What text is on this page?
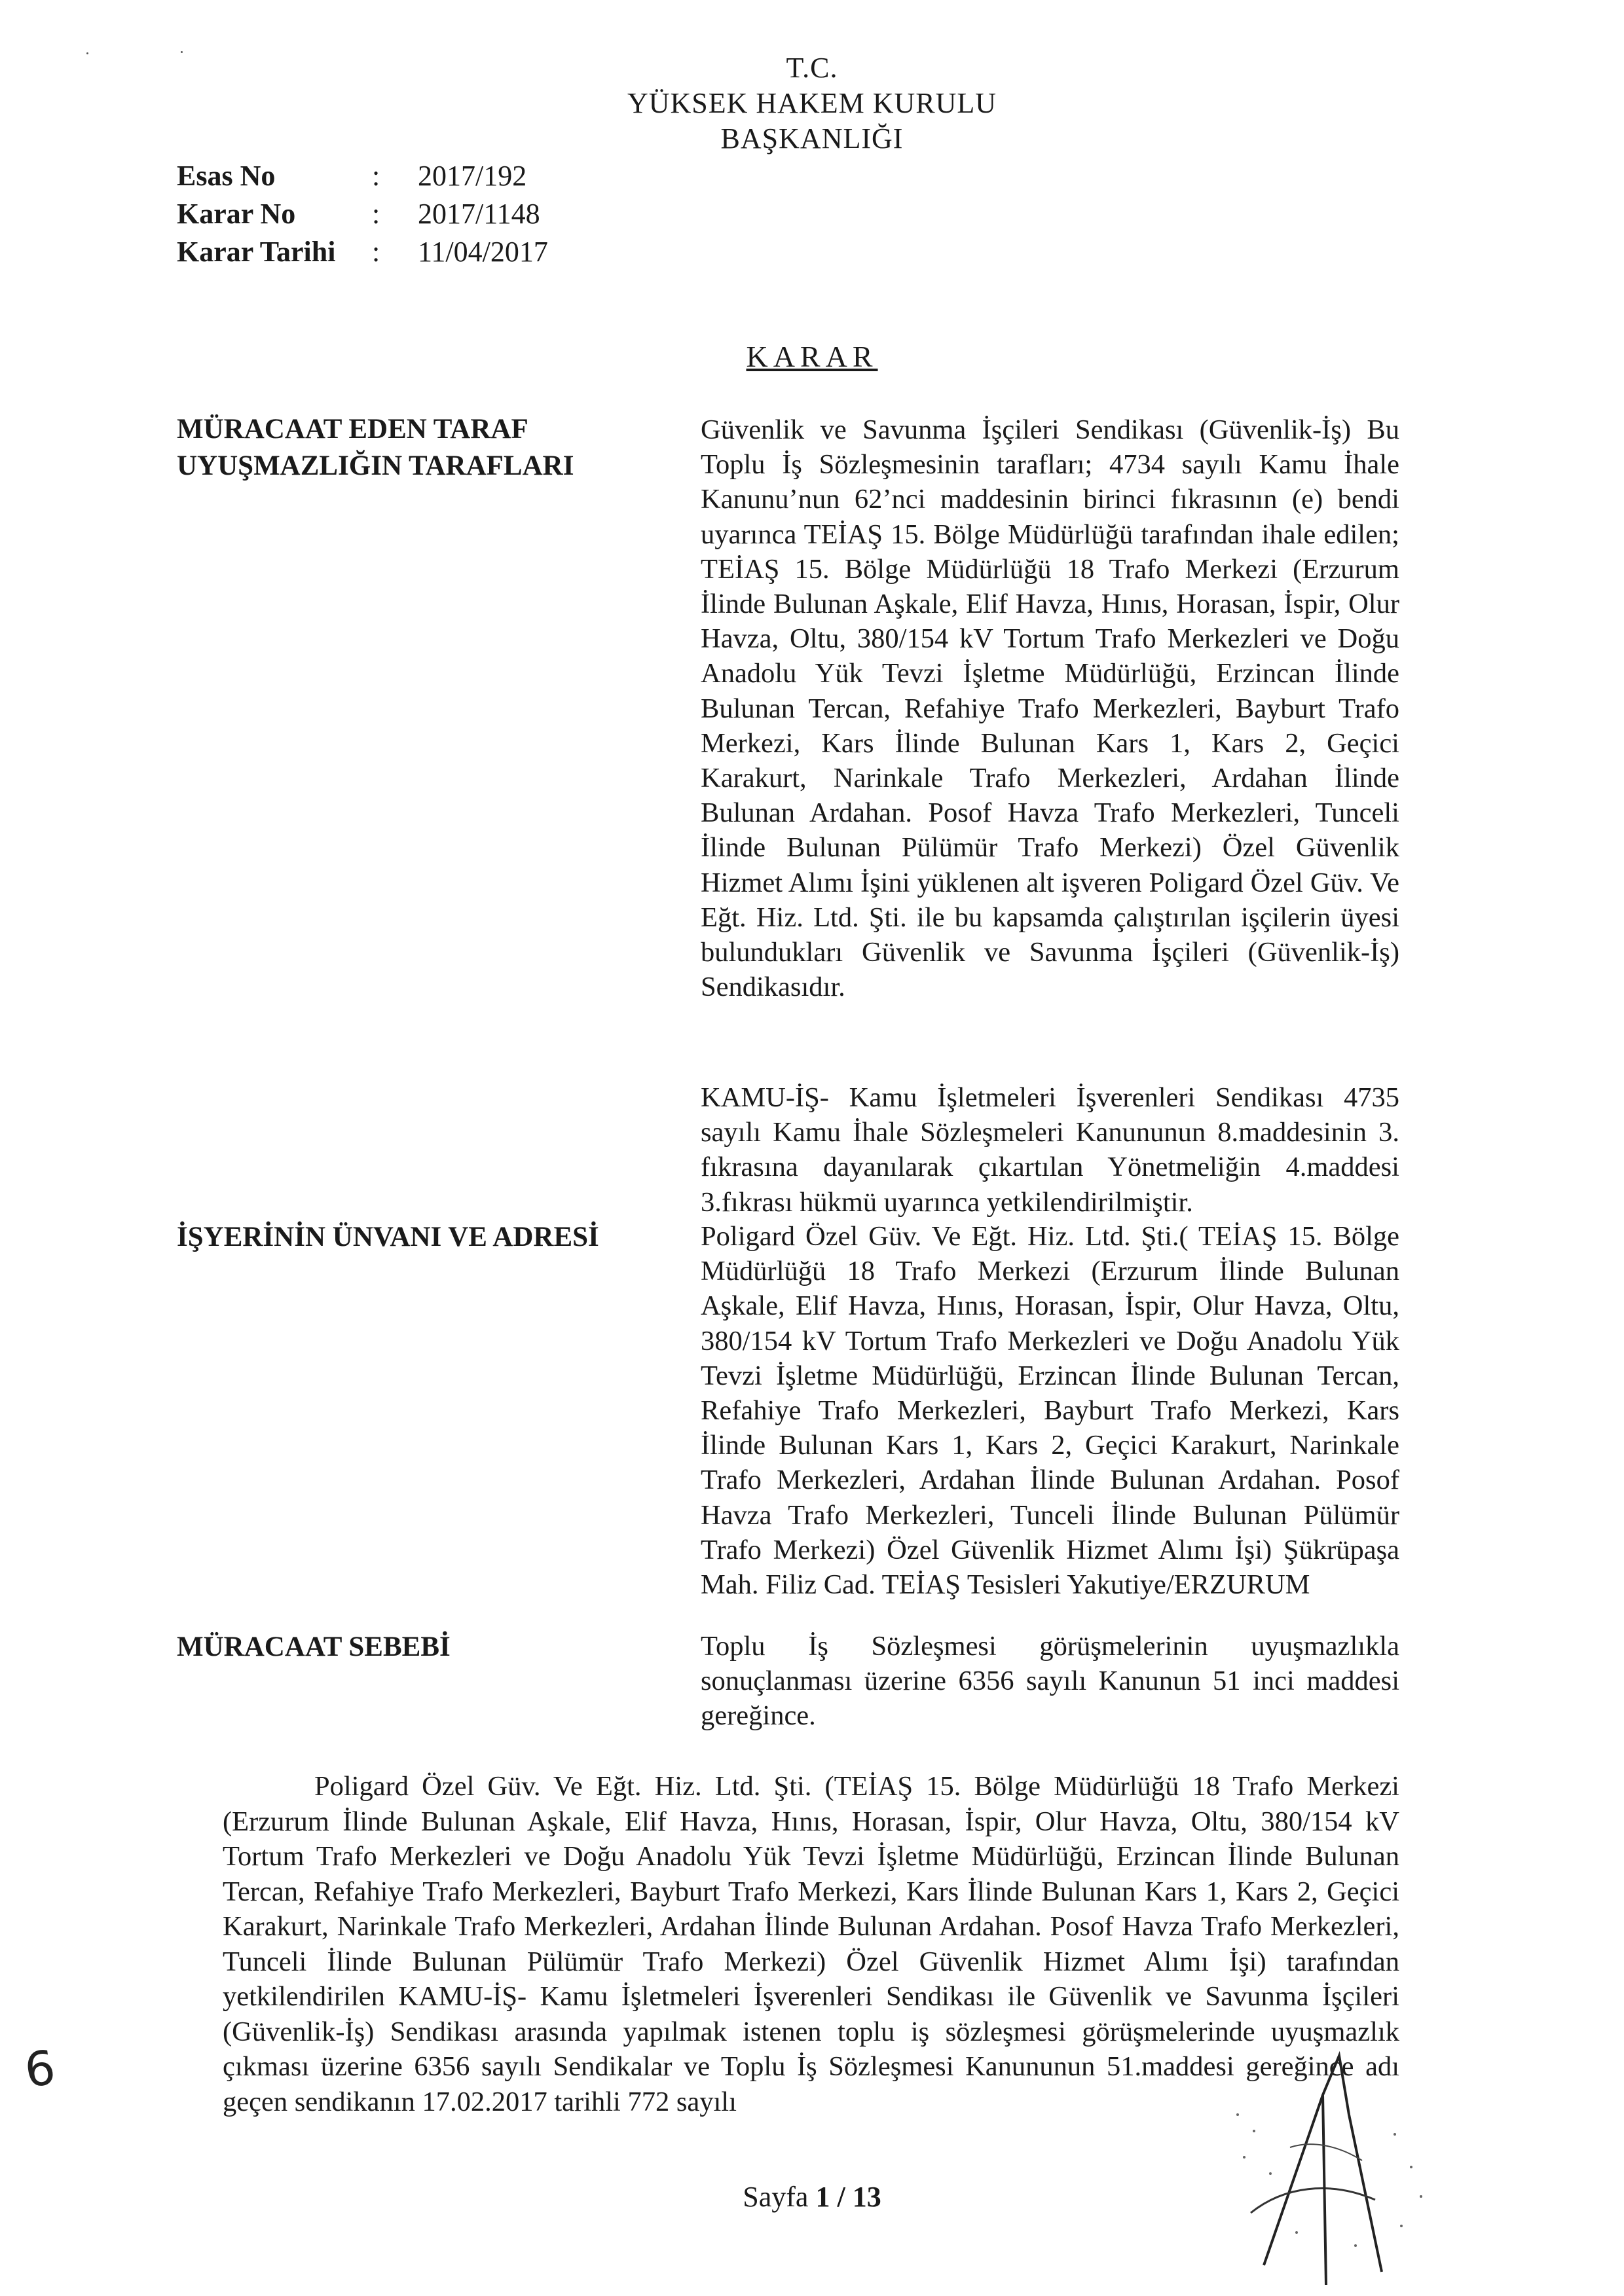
T.C.
YÜKSEK HAKEM KURULU
BAŞKANLIĞI
Esas No	: 2017/192
Karar No	: 2017/1148
Karar Tarihi : 11/04/2017
KARAR
MÜRACAAT EDEN TARAF
UYUŞMAZLIĞIN TARAFLARI
İŞYERİNİN ÜNVANI VE ADRESİ
MÜRACAAT SEBEBİ
Güvenlik ve Savunma İşçileri Sendikası (Güvenlik-İş) Bu Toplu İş Sözleşmesinin tarafları; 4734 sayılı Kamu İhale Kanunu’nun 62’nci maddesinin birinci fıkrasının (e) bendi uyarınca TEİAŞ 15. Bölge Müdürlüğü tarafından ihale edilen; TEİAŞ 15. Bölge Müdürlüğü 18 Trafo Merkezi (Erzurum İlinde Bulunan Aşkale, Elif Havza, Hınıs, Horasan, İspir, Olur Havza, Oltu, 380/154 kV Tortum Trafo Merkezleri ve Doğu Anadolu Yük Tevzi İşletme Müdürlüğü, Erzincan İlinde Bulunan Tercan, Refahiye Trafo Merkezleri, Bayburt Trafo Merkezi, Kars İlinde Bulunan Kars 1, Kars 2, Geçici Karakurt, Narinkale Trafo Merkezleri, Ardahan İlinde Bulunan Ardahan. Posof Havza Trafo Merkezleri, Tunceli İlinde Bulunan Pülümür Trafo Merkezi) Özel Güvenlik Hizmet Alımı İşini yüklenen alt işveren Poligard Özel Güv. Ve Eğt. Hiz. Ltd. Şti. ile bu kapsamda çalıştırılan işçilerin üyesi bulundukları Güvenlik ve Savunma İşçileri (Güvenlik-İş) Sendikasıdır.
KAMU-İŞ- Kamu İşletmeleri İşverenleri Sendikası 4735 sayılı Kamu İhale Sözleşmeleri Kanununun 8.maddesinin 3. fıkrasına dayanılarak çıkartılan Yönetmeliğin 4.maddesi 3.fıkrası hükmü uyarınca yetkilendirilmiştir.
Poligard Özel Güv. Ve Eğt. Hiz. Ltd. Şti.( TEİAŞ 15. Bölge Müdürlüğü 18 Trafo Merkezi (Erzurum İlinde Bulunan Aşkale, Elif Havza, Hınıs, Horasan, İspir, Olur Havza, Oltu, 380/154 kV Tortum Trafo Merkezleri ve Doğu Anadolu Yük Tevzi İşletme Müdürlüğü, Erzincan İlinde Bulunan Tercan, Refahiye Trafo Merkezleri, Bayburt Trafo Merkezi, Kars İlinde Bulunan Kars 1, Kars 2, Geçici Karakurt, Narinkale Trafo Merkezleri, Ardahan İlinde Bulunan Ardahan. Posof Havza Trafo Merkezleri, Tunceli İlinde Bulunan Pülümür Trafo Merkezi) Özel Güvenlik Hizmet Alımı İşi) Şükrüpaşa Mah. Filiz Cad. TEİAŞ Tesisleri Yakutiye/ERZURUM
Toplu İş Sözleşmesi görüşmelerinin uyuşmazlıkla sonuçlanması üzerine 6356 sayılı Kanunun 51 inci maddesi gereğince.
Poligard Özel Güv. Ve Eğt. Hiz. Ltd. Şti. (TEİAŞ 15. Bölge Müdürlüğü 18 Trafo Merkezi (Erzurum İlinde Bulunan Aşkale, Elif Havza, Hınıs, Horasan, İspir, Olur Havza, Oltu, 380/154 kV Tortum Trafo Merkezleri ve Doğu Anadolu Yük Tevzi İşletme Müdürlüğü, Erzincan İlinde Bulunan Tercan, Refahiye Trafo Merkezleri, Bayburt Trafo Merkezi, Kars İlinde Bulunan Kars 1, Kars 2, Geçici Karakurt, Narinkale Trafo Merkezleri, Ardahan İlinde Bulunan Ardahan. Posof Havza Trafo Merkezleri, Tunceli İlinde Bulunan Pülümür Trafo Merkezi) Özel Güvenlik Hizmet Alımı İşi) tarafından yetkilendirilen KAMU-İŞ- Kamu İşletmeleri İşverenleri Sendikası ile Güvenlik ve Savunma İşçileri (Güvenlik-İş) Sendikası arasında yapılmak istenen toplu iş sözleşmesi görüşmelerinde uyuşmazlık çıkması üzerine 6356 sayılı Sendikalar ve Toplu İş Sözleşmesi Kanununun 51.maddesi gereğince adı geçen sendikanın 17.02.2017 tarihli 772 sayılı
Sayfa 1 / 13
6
